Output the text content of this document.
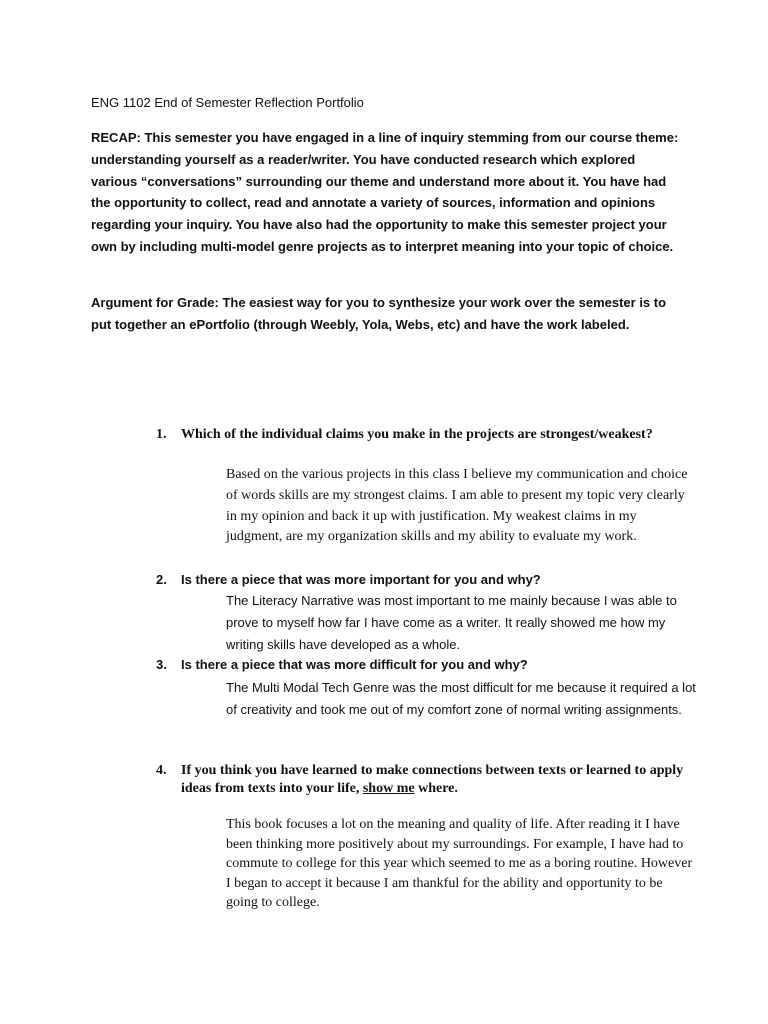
ENG 1102 End of Semester Reflection Portfolio

RECAP: This semester you have engaged in a line of inquiry stemming from our course theme: understanding yourself as a reader/writer. You have conducted research which explored various “conversations” surrounding our theme and understand more about it. You have had the opportunity to collect, read and annotate a variety of sources, information and opinions regarding your inquiry. You have also had the opportunity to make this semester project your own by including multi-model genre projects as to interpret meaning into your topic of choice.

Argument for Grade: The easiest way for you to synthesize your work over the semester is to put together an ePortfolio (through Weebly, Yola, Webs, etc) and have the work labeled.

1.	Which of the individual claims you make in the projects are strongest/weakest?

Based on the various projects in this class I believe my communication and choice of words skills are my strongest claims. I am able to present my topic very clearly in my opinion and back it up with justification. My weakest claims in my judgment, are my organization skills and my ability to evaluate my work.

2.	Is there a piece that was more important for you and why?

The Literacy Narrative was most important to me mainly because I was able to prove to myself how far I have come as a writer. It really showed me how my writing skills have developed as a whole.

3.	Is there a piece that was more difficult for you and why?

The Multi Modal Tech Genre was the most difficult for me because it required a lot of creativity and took me out of my comfort zone of normal writing assignments.

4.	If you think you have learned to make connections between texts or learned to apply ideas from texts into your life, show me where.

This book focuses a lot on the meaning and quality of life. After reading it I have been thinking more positively about my surroundings. For example, I have had to commute to college for this year which seemed to me as a boring routine. However I began to accept it because I am thankful for the ability and opportunity to be going to college.
